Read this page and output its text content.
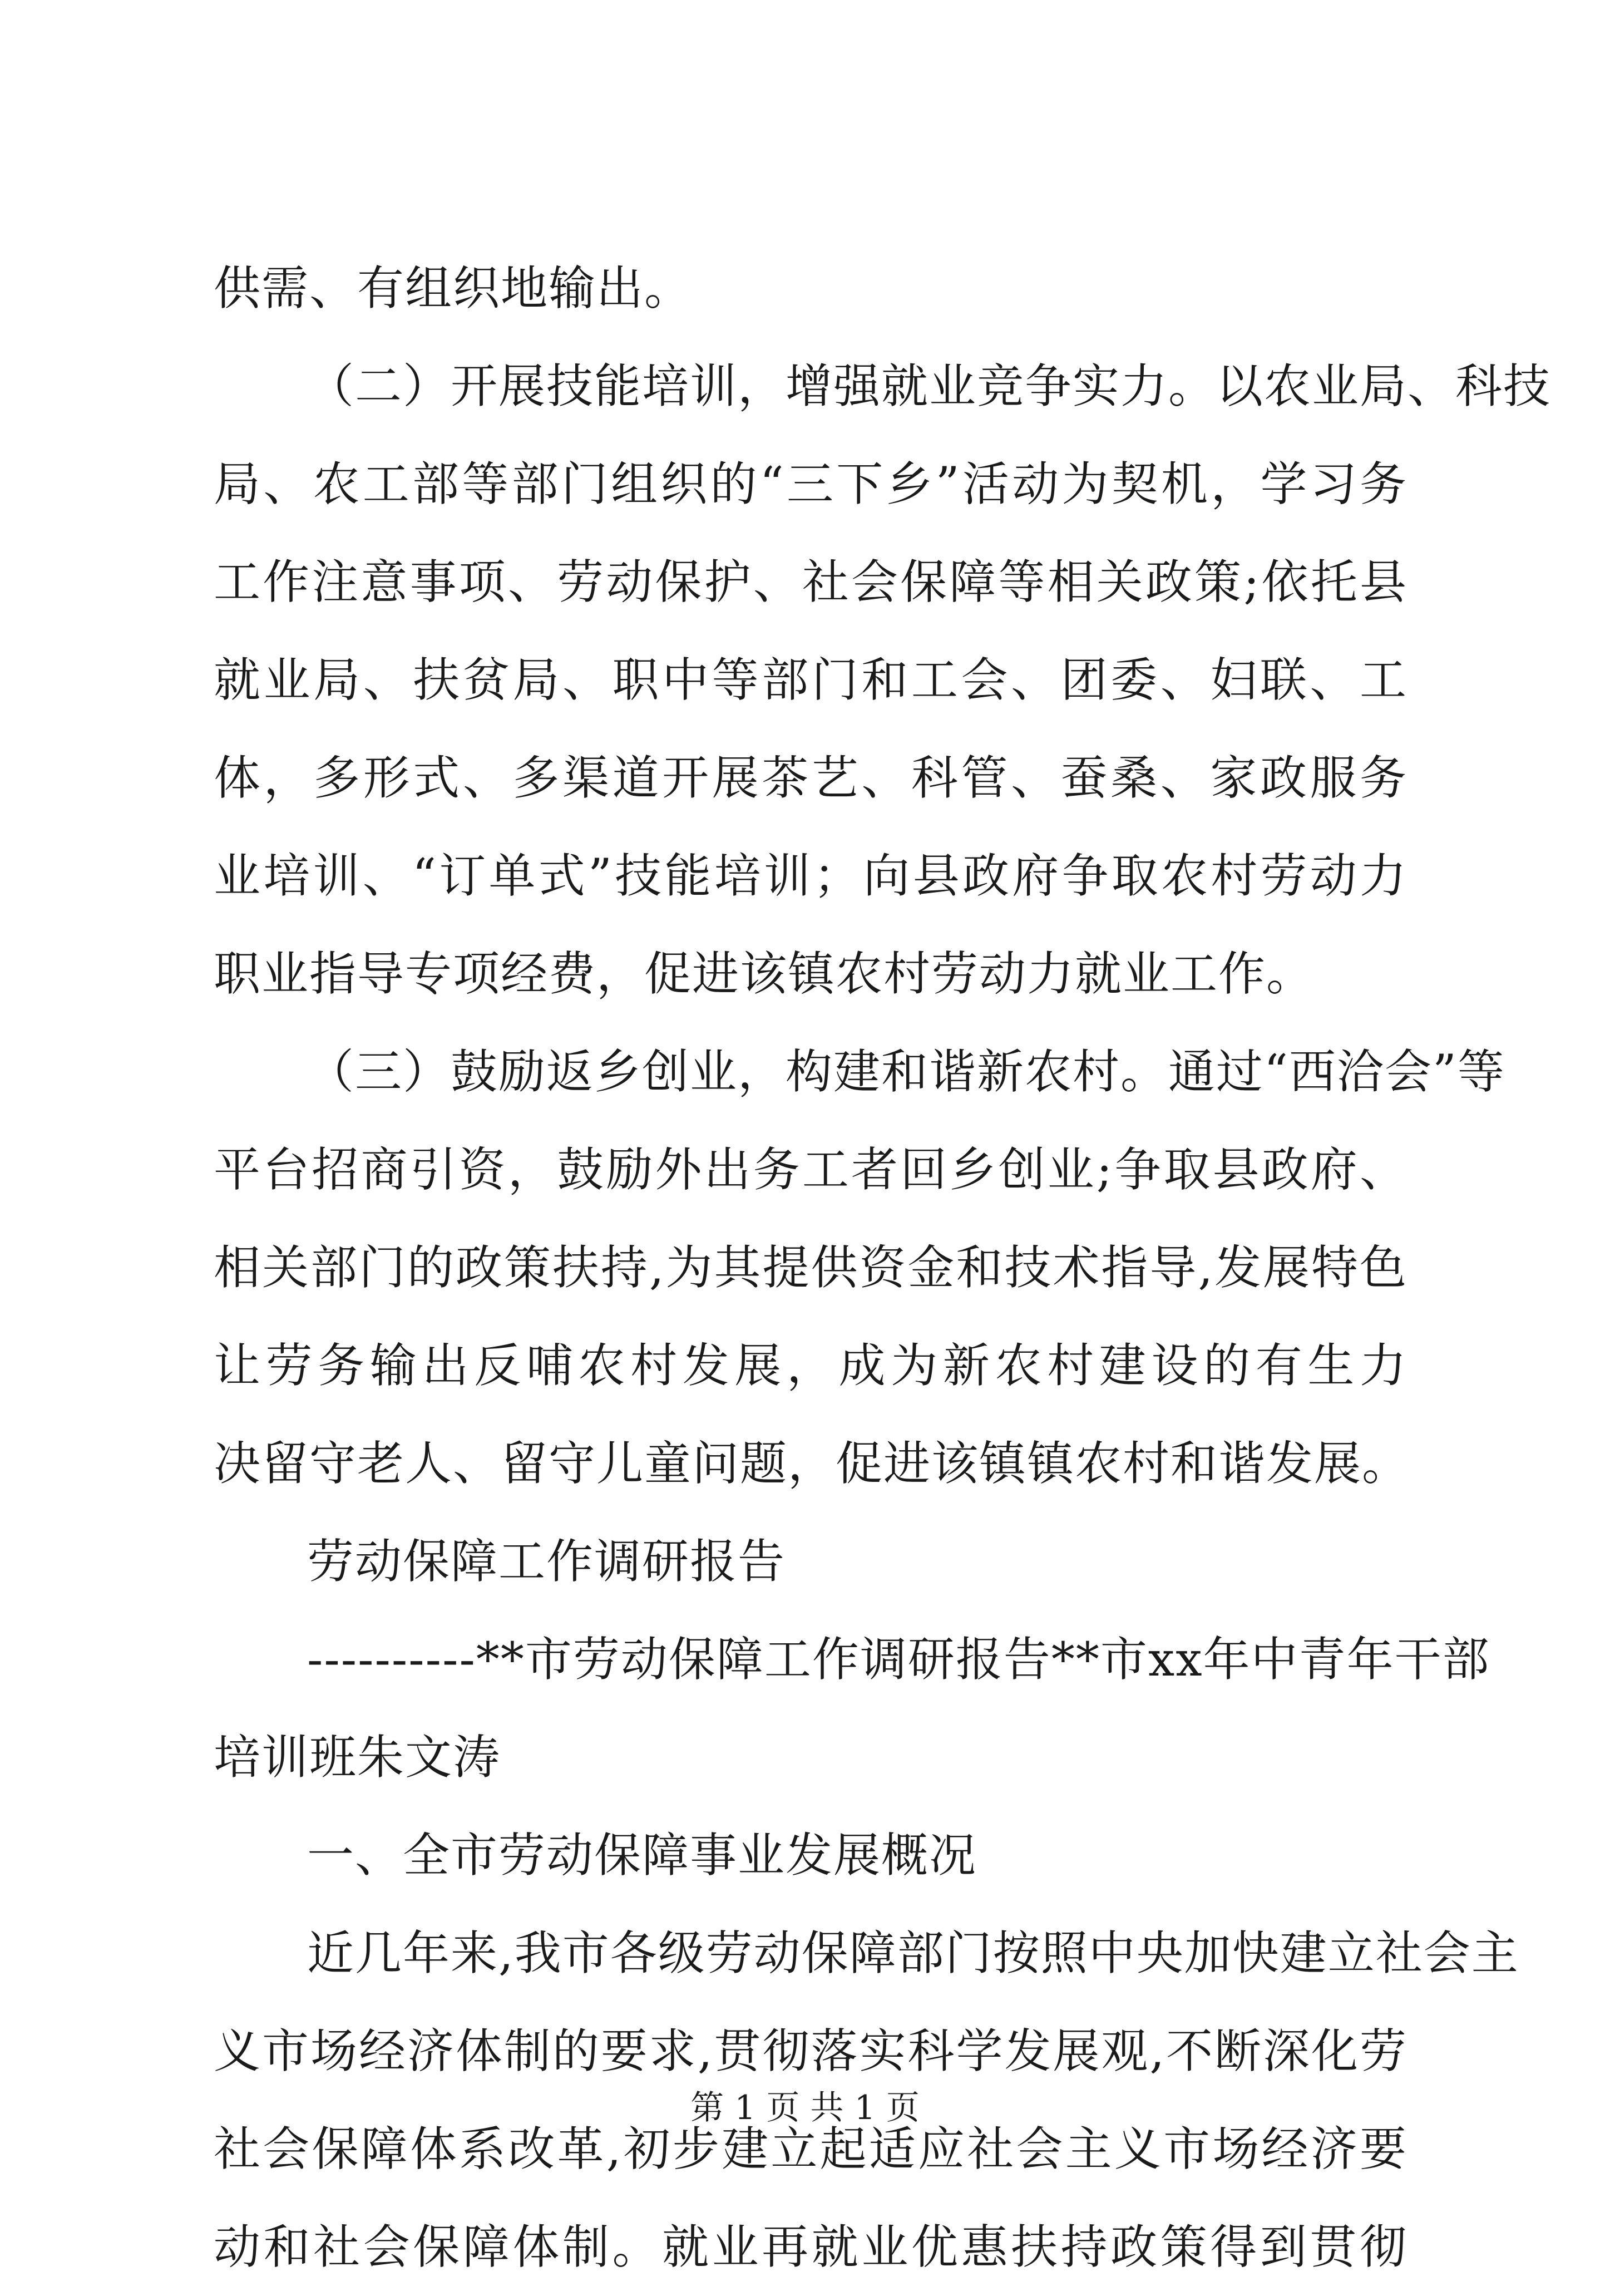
供需、有组织地输出。
（二）开展技能培训，增强就业竞争实力。以农业局、科技
局、农工部等部门组织的“三下乡”活动为契机，学习务
工作注意事项、劳动保护、社会保障等相关政策;依托县
就业局、扶贫局、职中等部门和工会、团委、妇联、工
体，多形式、多渠道开展茶艺、科管、蚕桑、家政服务
业培训、“订单式”技能培训；向县政府争取农村劳动力
职业指导专项经费，促进该镇农村劳动力就业工作。
（三）鼓励返乡创业，构建和谐新农村。通过“西洽会”等
平台招商引资，鼓励外出务工者回乡创业;争取县政府、
相关部门的政策扶持,为其提供资金和技术指导,发展特色
让劳务输出反哺农村发展，成为新农村建设的有生力
决留守老人、留守儿童问题，促进该镇镇农村和谐发展。
劳动保障工作调研报告
----------**市劳动保障工作调研报告**市xx年中青年干部
培训班朱文涛
一、全市劳动保障事业发展概况
近几年来,我市各级劳动保障部门按照中央加快建立社会主
义市场经济体制的要求,贯彻落实科学发展观,不断深化劳
社会保障体系改革,初步建立起适应社会主义市场经济要
动和社会保障体制。就业再就业优惠扶持政策得到贯彻
第 1 页 共 1 页
